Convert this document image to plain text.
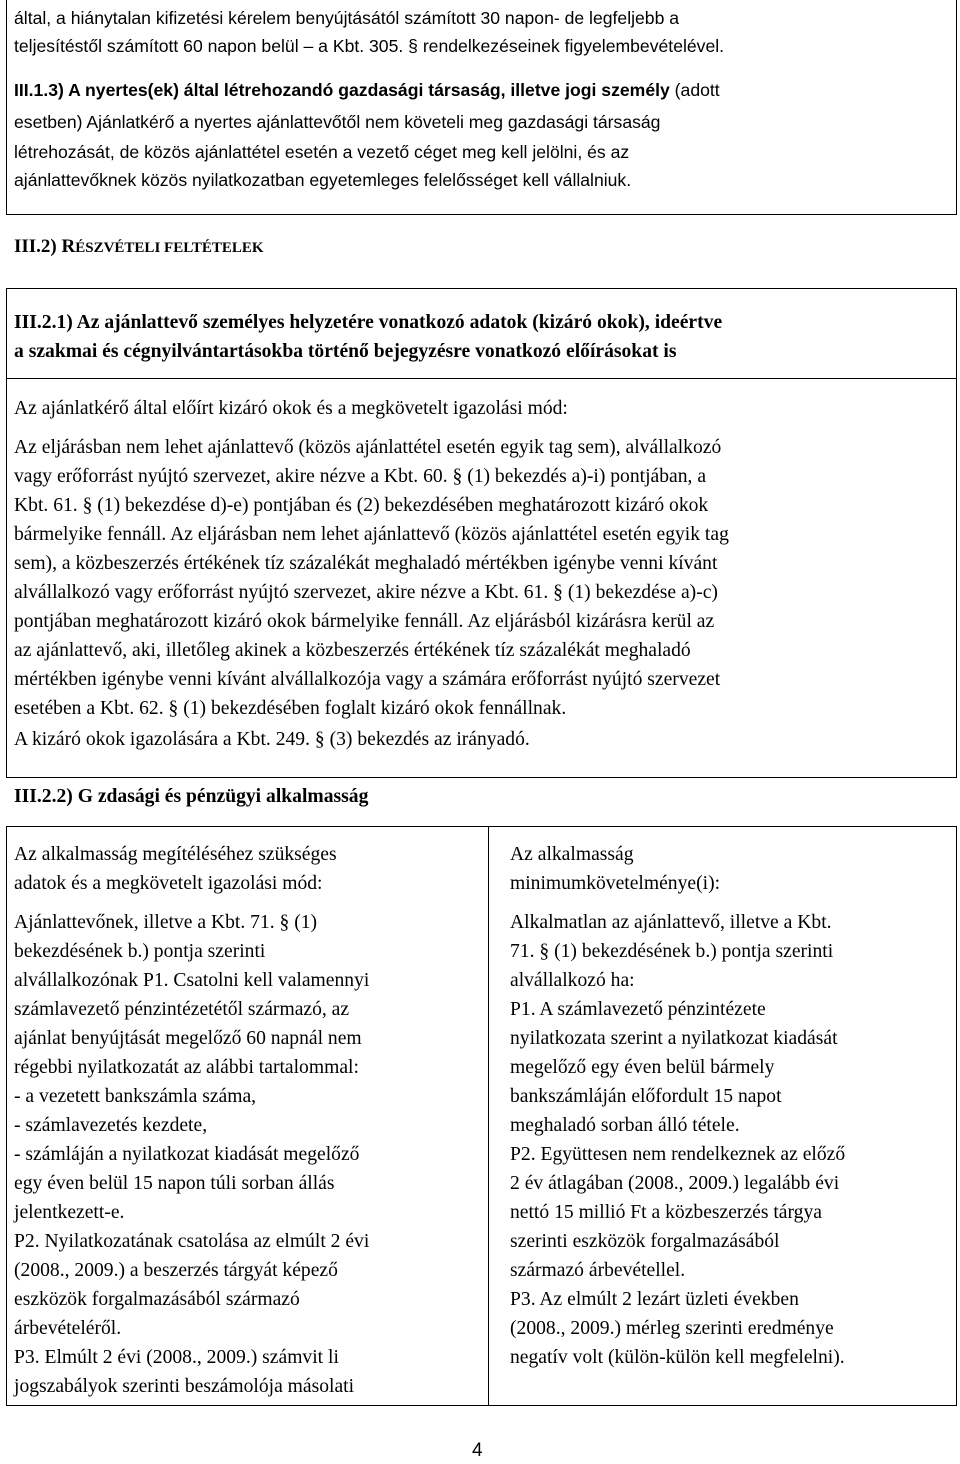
által, a hiánytalan kifizetési kérelem benyújtásától számított 30 napon- de legfeljebb a
teljesítéstől számított 60 napon belül – a Kbt. 305. § rendelkezéseinek figyelembevételével.
III.1.3) A nyertes(ek) által létrehozandó gazdasági társaság, illetve jogi személy (adott
esetben) Ajánlatkérő a nyertes ajánlattevőtől nem követeli meg gazdasági társaság
létrehozását, de közös ajánlattétel esetén a vezető céget meg kell jelölni, és az
ajánlattevőknek közös nyilatkozatban egyetemleges felelősséget kell vállalniuk.
III.2) RÉSZVÉTELI FELTÉTELEK
III.2.1) Az ajánlattevő személyes helyzetére vonatkozó adatok (kizáró okok), ideértve
a szakmai és cégnyilvántartásokba történő bejegyzésre vonatkozó előírásokat is
Az ajánlatkérő által előírt kizáró okok és a megkövetelt igazolási mód:
Az eljárásban nem lehet ajánlattevő (közös ajánlattétel esetén egyik tag sem), alvállalkozó
vagy erőforrást nyújtó szervezet, akire nézve a Kbt. 60. § (1) bekezdés a)-i) pontjában, a
Kbt. 61. § (1) bekezdése d)-e) pontjában és (2) bekezdésében meghatározott kizáró okok
bármelyike fennáll. Az eljárásban nem lehet ajánlattevő (közös ajánlattétel esetén egyik tag
sem), a közbeszerzés értékének tíz százalékát meghaladó mértékben igénybe venni kívánt
alvállalkozó vagy erőforrást nyújtó szervezet, akire nézve a Kbt. 61. § (1) bekezdése a)-c)
pontjában meghatározott kizáró okok bármelyike fennáll. Az eljárásból kizárásra kerül az
az ajánlattevő, aki, illetőleg akinek a közbeszerzés értékének tíz százalékát meghaladó
mértékben igénybe venni kívánt alvállalkozója vagy a számára erőforrást nyújtó szervezet
esetében a Kbt. 62. § (1) bekezdésében foglalt kizáró okok fennállnak.
A kizáró okok igazolására a Kbt. 249. § (3) bekezdés az irányadó.
III.2.2) G zdasági és pénzügyi alkalmasság
Az alkalmasság megítéléséhez szükséges
adatok és a megkövetelt igazolási mód:
Ajánlattevőnek, illetve a Kbt. 71. § (1)
bekezdésének b.) pontja szerinti
alvállalkozónak P1. Csatolni kell valamennyi
számlavezető pénzintézetétől származó, az
ajánlat benyújtását megelőző 60 napnál nem
régebbi nyilatkozatát az alábbi tartalommal:
- a vezetett bankszámla száma,
- számlavezetés kezdete,
- számláján a nyilatkozat kiadását megelőző
egy éven belül 15 napon túli sorban állás
jelentkezett-e.
P2. Nyilatkozatának csatolása az elmúlt 2 évi
(2008., 2009.) a beszerzés tárgyát képező
eszközök forgalmazásából származó
árbevételéről.
P3. Elmúlt 2 évi (2008., 2009.) számvit li
jogszabályok szerinti beszámolója másolati
Az alkalmasság
minimumkövetelménye(i):
Alkalmatlan az ajánlattevő, illetve a Kbt.
71. § (1) bekezdésének b.) pontja szerinti
alvállalkozó ha:
P1. A számlavezető pénzintézete
nyilatkozata szerint a nyilatkozat kiadását
megelőző egy éven belül bármely
bankszámláján előfordult 15 napot
meghaladó sorban álló tétele.
P2. Együttesen nem rendelkeznek az előző
2 év átlagában (2008., 2009.) legalább évi
nettó 15 millió Ft a közbeszerzés tárgya
szerinti eszközök forgalmazásából
származó árbevétellel.
P3. Az elmúlt 2 lezárt üzleti években
(2008., 2009.) mérleg szerinti eredménye
negatív volt (külön-külön kell megfelelni).
4
